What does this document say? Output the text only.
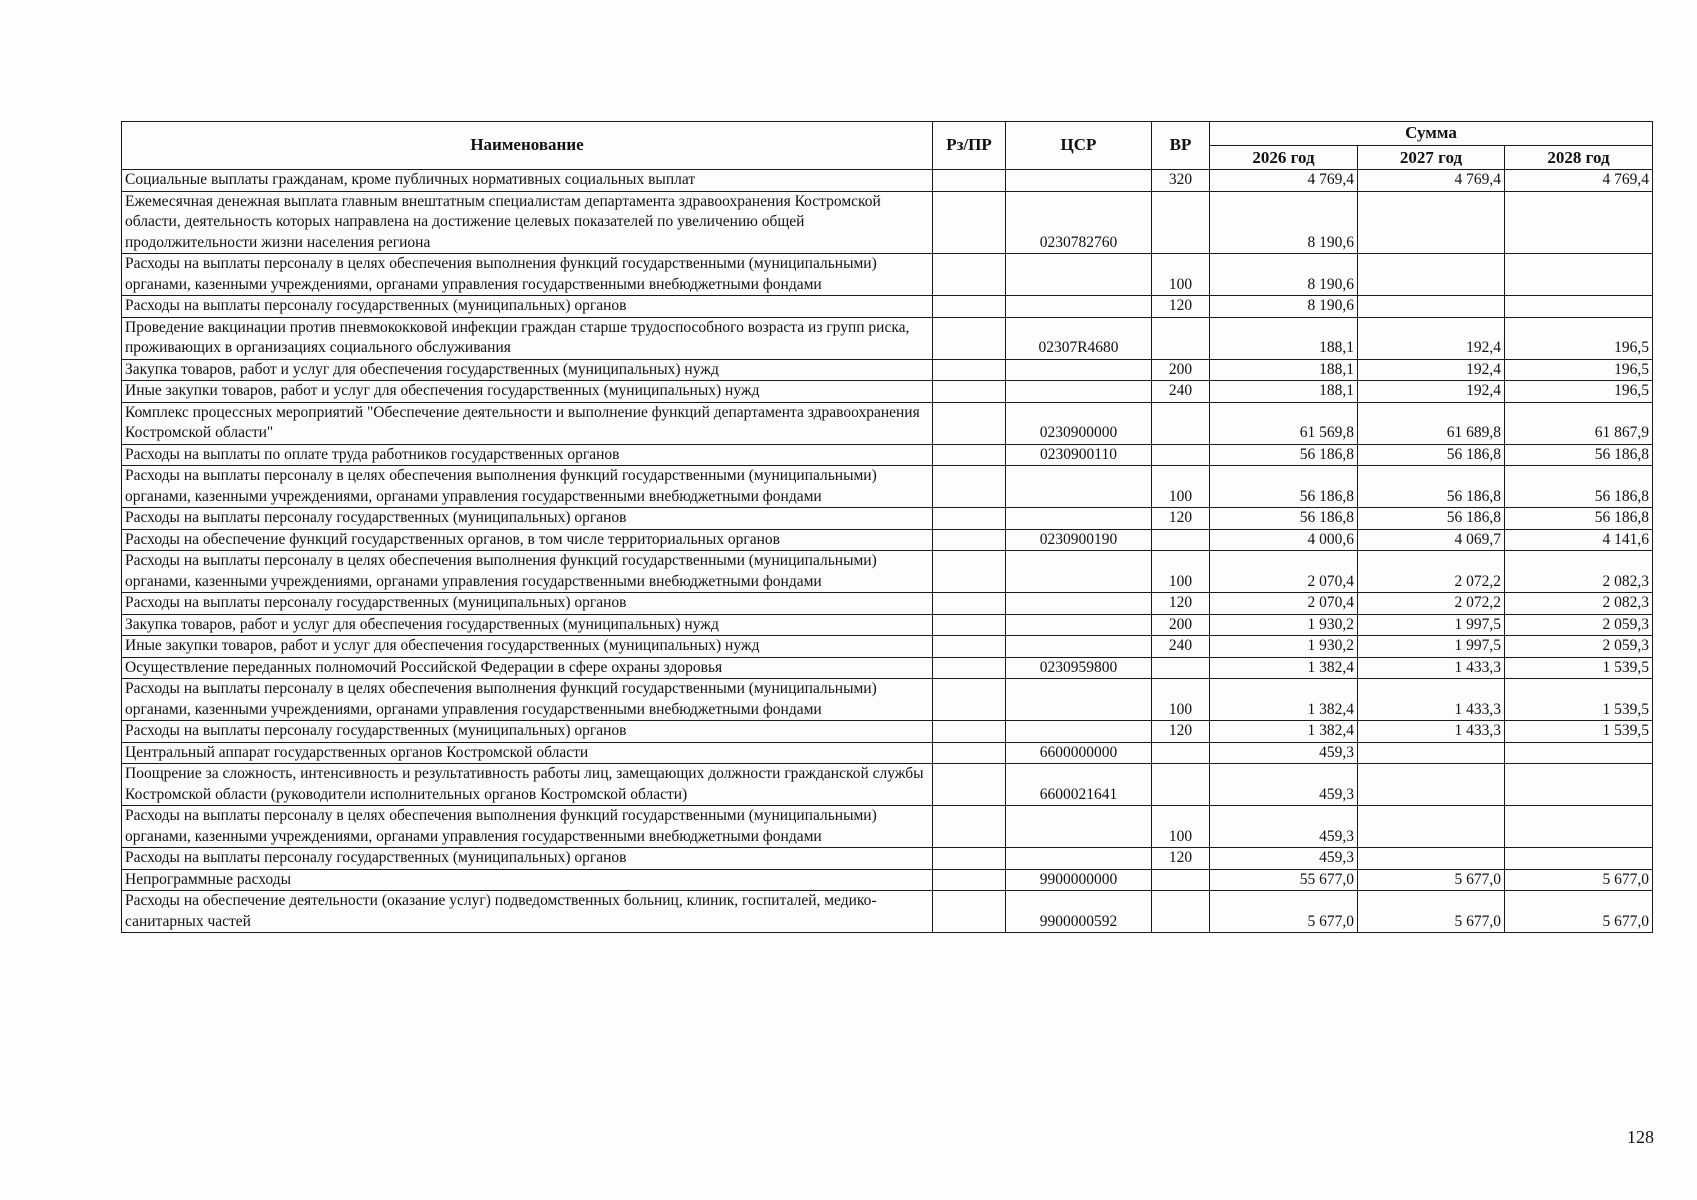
Наименование	Рз/ПР	ЦСР	ВР	Сумма		
				2026 год	2027 год	2028 год
Социальные выплаты гражданам, кроме публичных нормативных социальных выплат			320	4 769,4	4 769,4	4 769,4
Ежемесячная денежная выплата главным внештатным специалистам департамента здравоохранения Костромской области, деятельность которых направлена на достижение целевых показателей по увеличению общей продолжительности жизни населения региона		0230782760		8 190,6		
Расходы на выплаты персоналу в целях обеспечения выполнения функций государственными (муниципальными) органами, казенными учреждениями, органами управления государственными внебюджетными фондами			100	8 190,6		
Расходы на выплаты персоналу государственных (муниципальных) органов			120	8 190,6		
Проведение вакцинации против пневмококковой инфекции граждан старше трудоспособного возраста из групп риска, проживающих в организациях социального обслуживания		02307R4680		188,1	192,4	196,5
Закупка товаров, работ и услуг для обеспечения государственных (муниципальных) нужд			200	188,1	192,4	196,5
Иные закупки товаров, работ и услуг для обеспечения государственных (муниципальных) нужд			240	188,1	192,4	196,5
Комплекс процессных мероприятий "Обеспечение деятельности и выполнение функций департамента здравоохранения Костромской области"		0230900000		61 569,8	61 689,8	61 867,9
Расходы на выплаты по оплате труда работников государственных органов		0230900110		56 186,8	56 186,8	56 186,8
Расходы на выплаты персоналу в целях обеспечения выполнения функций государственными (муниципальными) органами, казенными учреждениями, органами управления государственными внебюджетными фондами			100	56 186,8	56 186,8	56 186,8
Расходы на выплаты персоналу государственных (муниципальных) органов			120	56 186,8	56 186,8	56 186,8
Расходы на обеспечение функций государственных органов, в том числе территориальных органов		0230900190		4 000,6	4 069,7	4 141,6
Расходы на выплаты персоналу в целях обеспечения выполнения функций государственными (муниципальными) органами, казенными учреждениями, органами управления государственными внебюджетными фондами			100	2 070,4	2 072,2	2 082,3
Расходы на выплаты персоналу государственных (муниципальных) органов			120	2 070,4	2 072,2	2 082,3
Закупка товаров, работ и услуг для обеспечения государственных (муниципальных) нужд			200	1 930,2	1 997,5	2 059,3
Иные закупки товаров, работ и услуг для обеспечения государственных (муниципальных) нужд			240	1 930,2	1 997,5	2 059,3
Осуществление переданных полномочий Российской Федерации в сфере охраны здоровья		0230959800		1 382,4	1 433,3	1 539,5
Расходы на выплаты персоналу в целях обеспечения выполнения функций государственными (муниципальными) органами, казенными учреждениями, органами управления государственными внебюджетными фондами			100	1 382,4	1 433,3	1 539,5
Расходы на выплаты персоналу государственных (муниципальных) органов			120	1 382,4	1 433,3	1 539,5
Центральный аппарат государственных органов Костромской области		6600000000		459,3		
Поощрение за сложность, интенсивность и результативность работы лиц, замещающих должности гражданской службы Костромской области (руководители исполнительных органов Костромской области)		6600021641		459,3		
Расходы на выплаты персоналу в целях обеспечения выполнения функций государственными (муниципальными) органами, казенными учреждениями, органами управления государственными внебюджетными фондами			100	459,3		
Расходы на выплаты персоналу государственных (муниципальных) органов			120	459,3		
Непрограммные расходы		9900000000		55 677,0	5 677,0	5 677,0
Расходы на обеспечение деятельности (оказание услуг) подведомственных больниц, клиник, госпиталей, медико-санитарных частей		9900000592		5 677,0	5 677,0	5 677,0
128
